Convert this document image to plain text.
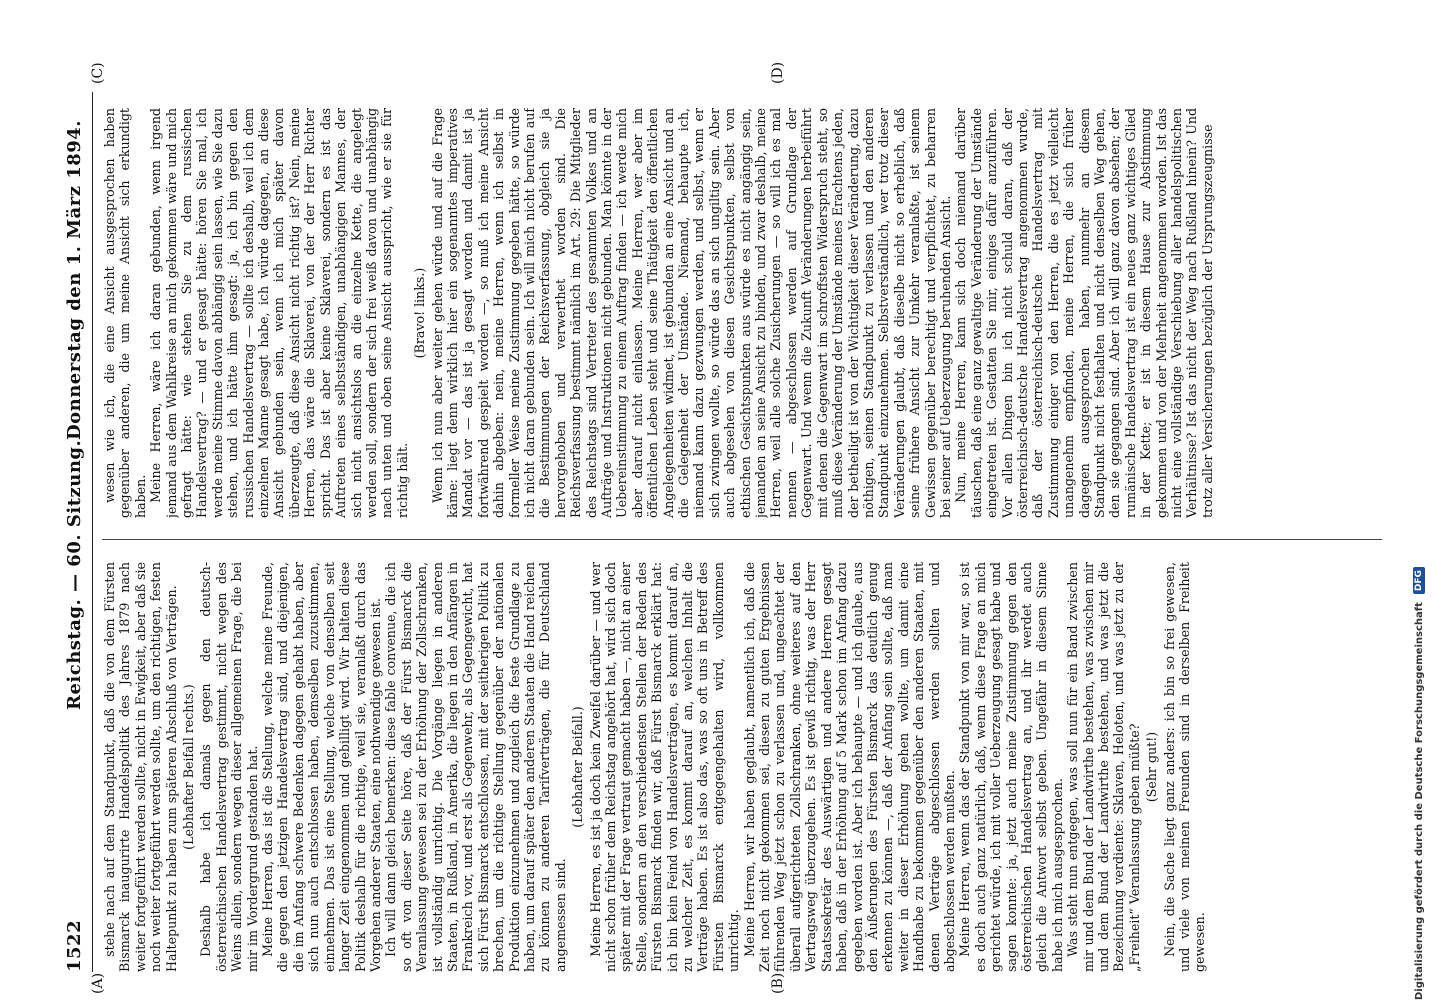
1522
Reichstag. — 60. Sitzung.
Donnerstag den 1. März 1894.
(A)	(B)
(C)	(D)

stehe nach auf dem Standpunkt, daß die von dem Fürsten Bismarck inaugurirte Handelspolitik des Jahres 1879 nach weiter fortgeführt werden sollte, nicht in Ewigkeit, aber daß sie noch weiter fortgeführt werden sollte, um den richtigen, festen Haltepunkt zu haben zum späteren Abschluß von Verträgen. (Lebhafter Beifall rechts.) Deshalb habe ich damals gegen den deutsch-österreichischen Handelsvertrag gestimmt, nicht wegen des Weins allein, sondern wegen dieser allgemeinen Frage, die bei mir im Vordergrund gestanden hat. Meine Herren, das ist die Stellung, welche meine Freunde, die gegen den jetzigen Handelsvertrag sind, und diejenigen, die im Anfang schwere Bedenken dagegen gehabt haben, aber sich nun auch entschlossen haben, demselben zuzustimmen, einnehmen. Das ist eine Stellung, welche von denselben seit langer Zeit eingenommen und gebilligt wird. Wir halten diese Politik deshalb für die richtige, weil sie, veranlaßt durch das Vorgehen anderer Staaten, eine nothwendige gewesen ist. Ich will dann gleich bemerken: diese fable convenue, die ich so oft von dieser Seite höre, daß der Fürst Bismarck die Veranlassung gewesen sei zu der Erhöhung der Zollschranken, ist vollständig unrichtig. Die Vorgänge liegen in anderen Staaten, in Rußland, in Amerika, die liegen in den Anfängen in Frankreich vor, und erst als Gegenwehr, als Gegengewicht, hat sich Fürst Bismarck entschlossen, mit der seitherigen Politik zu brechen, um die richtige Stellung gegenüber der nationalen Produktion einzunehmen und zugleich die feste Grundlage zu haben, um darauf später den anderen Staaten die Hand reichen zu können zu anderen Tarifverträgen, die für Deutschland angemessen sind.

(Lebhafter Beifall.) Meine Herren, es ist ja doch kein Zweifel darüber — und wer nicht schon früher dem Reichstag angehört hat, wird sich doch später mit der Frage vertraut gemacht haben —, nicht an einer Stelle, sondern an den verschiedensten Stellen der Reden des Fürsten Bismarck finden wir, daß Fürst Bismarck erklärt hat: ich bin kein Feind von Handelsverträgen, es kommt darauf an, zu welcher Zeit, es kommt darauf an, welchen Inhalt die Verträge haben. Es ist also das, was so oft uns in Betreff des Fürsten Bismarck entgegengehalten wird, vollkommen unrichtig. Meine Herren, wir haben geglaubt, namentlich ich, daß die Zeit noch nicht gekommen sei, diesen zu guten Ergebnissen führenden Weg jetzt schon zu verlassen und, ungeachtet der überall aufgerichteten Zollschranken, ohne weiteres auf den Vertragsweg überzugehen. Es ist gewiß richtig, was der Herr Staatssekretär des Auswärtigen und andere Herren gesagt haben, daß in der Erhöhung auf 5 Mark schon im Anfang dazu gegeben worden ist. Aber ich behaupte — und ich glaube, aus den Äußerungen des Fürsten Bismarck das deutlich genug erkennen zu können —, daß der Anfang sein sollte, daß man weiter in dieser Erhöhung gehen wollte, um damit eine Handhabe zu bekommen gegenüber den anderen Staaten, mit denen Verträge abgeschlossen werden sollten und abgeschlossen werden mußten. Meine Herren, wenn das der Standpunkt von mir war, so ist es doch auch ganz natürlich, daß, wenn diese Frage an mich gerichtet würde, ich mit voller Ueberzeugung gesagt habe und sagen konnte: ja, jetzt auch meine Zustimmung gegen den österreichischen Handelsvertrag an, und ihr werdet auch gleich die Antwort selbst geben. Ungefähr in diesem Sinne habe ich mich ausgesprochen. Was steht nun entgegen, was soll nun für ein Band zwischen mir und dem Bund der Landwirthe bestehen, was zwischen mir und dem Bund der Landwirthe bestehen, und was jetzt die Bezeichnung verdiente: Sklaven, Heloten, und was jetzt zu der „Freiheit“ Veranlassung geben müßte? (Sehr gut!) Nein, die Sache liegt ganz anders: ich bin so frei gewesen, und viele von meinen Freunden sind in derselben Freiheit gewesen.

wesen wie ich, die eine Ansicht ausgesprochen haben gegenüber anderen, die um meine Ansicht sich erkundigt haben. Meine Herren, wäre ich daran gebunden, wenn irgend jemand aus dem Wahlkreise an mich gekommen wäre und mich gefragt hätte: wie stehen Sie zu dem russischen Handelsvertrag? — und er gesagt hätte: hören Sie mal, ich werde meine Stimme davon abhängig sein lassen, wie Sie dazu stehen, und ich hätte ihm gesagt: ja, ich bin gegen den russischen Handelsvertrag — sollte ich deshalb, weil ich dem einzelnen Manne gesagt habe, ich würde dagegen, an diese Ansicht gebunden sein, wenn ich mich später davon überzeugte, daß diese Ansicht nicht richtig ist? Nein, meine Herren, das wäre die Sklaverei, von der der Herr Richter spricht. Das ist aber keine Sklaverei, sondern es ist das Auftreten eines selbstständigen, unabhängigen Mannes, der sich nicht ansichtslos an die einzelne Kette, die angelegt werden soll, sondern der sich frei weiß davon und unabhängig nach unten und oben seine Ansicht ausspricht, wie er sie für richtig hält.

(Bravo! links.) Wenn ich nun aber weiter gehen würde und auf die Frage käme: liegt denn wirklich hier ein sogenanntes imperatives Mandat vor — das ist ja gesagt worden und damit ist ja fortwährend gespielt worden —, so muß ich meine Ansicht dahin abgeben: nein, meine Herren, wenn ich selbst in formeller Weise meine Zustimmung gegeben hätte, so würde ich nicht daran gebunden sein. Ich will mich nicht berufen auf die Bestimmungen der Reichsverfassung, obgleich sie ja hervorgehoben und verwerthet worden sind. Die Reichsverfassung bestimmt nämlich im Art. 29: Die Mitglieder des Reichstags sind Vertreter des gesammten Volkes und an Aufträge und Instruktionen nicht gebunden. Man könnte in der Uebereinstimmung zu einem Auftrag finden — ich werde mich aber darauf nicht einlassen. Meine Herren, wer aber im öffentlichen Leben steht und seine Thätigkeit den öffentlichen Angelegenheiten widmet, ist gebunden an eine Ansicht und an die Gelegenheit der Umstände. Niemand, behaupte ich, niemand kann dazu gezwungen werden, und selbst, wenn er sich zwingen wollte, so würde das an sich ungiltig sein. Aber auch abgesehen von diesen Gesichtspunkten, selbst von ethischen Gesichtspunkten aus würde es nicht angängig sein, jemanden an seine Ansicht zu binden, und zwar deshalb, meine Herren, weil alle solche Zusicherungen — so will ich es mal nennen — abgeschlossen werden auf Grundlage der Gegenwart. Und wenn die Zukunft Veränderungen herbeiführt mit denen die Gegenwart im schroffsten Widerspruch steht, so muß diese Veränderung der Umstände meines Erachtens jeden, der betheiligt ist von der Wichtigkeit dieser Veränderung, dazu nöthigen, seinen Standpunkt zu verlassen und den anderen Standpunkt einzunehmen. Selbstverständlich, wer trotz dieser Veränderungen glaubt, daß dieselbe nicht so erheblich, daß seine frühere Ansicht zur Umkehr veranlaßte, ist seinem Gewissen gegenüber berechtigt und verpflichtet, zu beharren bei seiner auf Ueberzeugung beruhenden Ansicht. Nun, meine Herren, kann sich doch niemand darüber täuschen, daß eine ganz gewaltige Veränderung der Umstände eingetreten ist. Gestatten Sie mir, einiges dafür anzuführen. Vor allen Dingen bin ich nicht schuld daran, daß der österreichisch-deutsche Handelsvertrag angenommen wurde, daß der österreichisch-deutsche Handelsvertrag mit Zustimmung einiger von den Herren, die es jetzt vielleicht unangenehm empfinden, meine Herren, die sich früher dagegen ausgesprochen haben, nunmehr an diesem Standpunkt nicht festhalten und nicht denselben Weg gehen, den sie gegangen sind. Aber ich will ganz davon absehen; der rumänische Handelsvertrag ist ein neues ganz wichtiges Glied in der Kette; er ist in diesem Hause zur Abstimmung gekommen und von der Mehrheit angenommen worden. Ist das nicht eine vollständige Verschiebung aller handelspolitischen Verhältnisse? Ist das nicht der Weg nach Rußland hinein? Und trotz aller Versicherungen bezüglich der Ursprungszeugnisse

Digitalisierung gefördert durch die Deutsche Forschungsgemeinschaft
DFG
